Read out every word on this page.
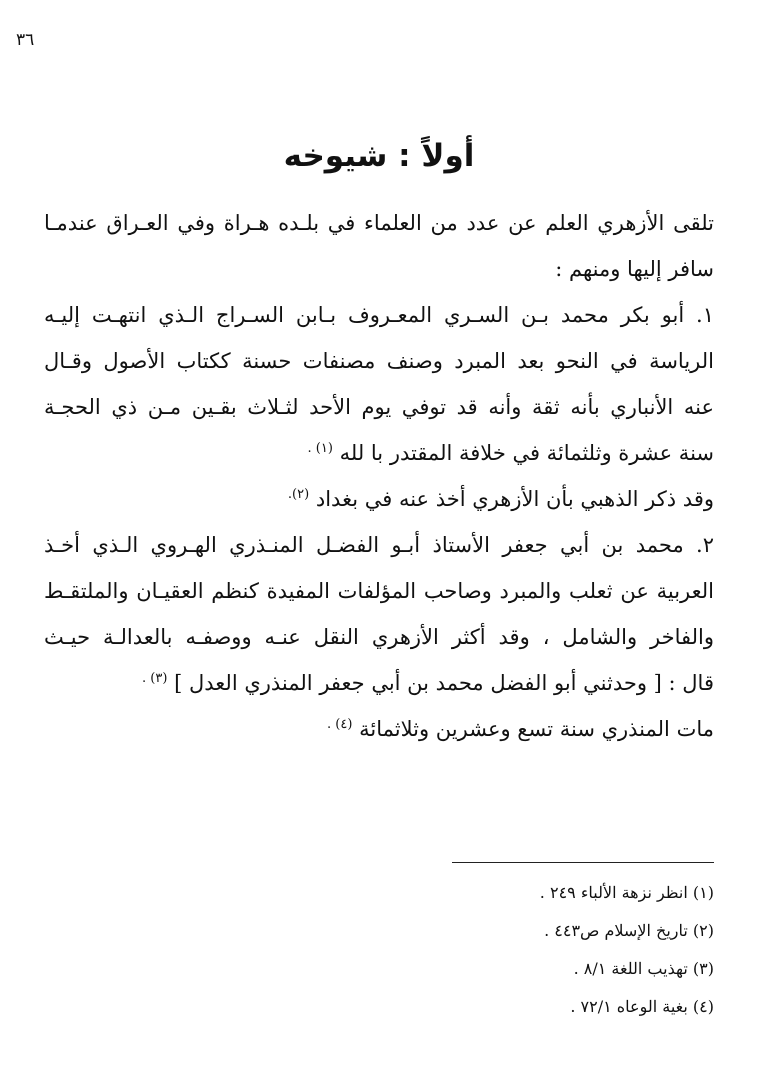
٣٦
أولاً : شيوخه
تلقى الأزهري العلم عن عدد من العلماء في بلـده هـراة وفي العـراق عندمـا
سافر إليها ومنهم :
١. أبو بكر محمد بـن السـري المعـروف بـابن السـراج الـذي انتهـت إليـه
الرياسة في النحو بعد المبرد وصنف مصنفات حسنة ككتاب الأصول وقـال
عنه الأنباري بأنه ثقة وأنه قد توفي يوم الأحد لثـلاث بقـين مـن ذي الحجـة
سنة عشرة وثلثمائة في خلافة المقتدر با لله $^{(١) .}$
وقد ذكر الذهبي بأن الأزهري أخذ عنه في بغداد $^{(٢).}$
٢. محمد بن أبي جعفر الأستاذ أبـو الفضـل المنـذري الهـروي الـذي أخـذ
العربية عن ثعلب والمبرد وصاحب المؤلفات المفيدة كنظم العقيـان والملتقـط
والفاخر والشامل ، وقد أكثر الأزهري النقل عنـه ووصفـه بالعدالـة حيـث
قال : [ وحدثني أبو الفضل محمد بن أبي جعفر المنذري العدل ] $^{(٣) .}$
مات المنذري سنة تسع وعشرين وثلاثمائة $^{(٤) .}$
(١) انظر نزهة الألباء ٢٤٩ .
(٢) تاريخ الإسلام ص٤٤٣ .
(٣) تهذيب اللغة ٨/١ .
(٤) بغية الوعاه ٧٢/١ .
